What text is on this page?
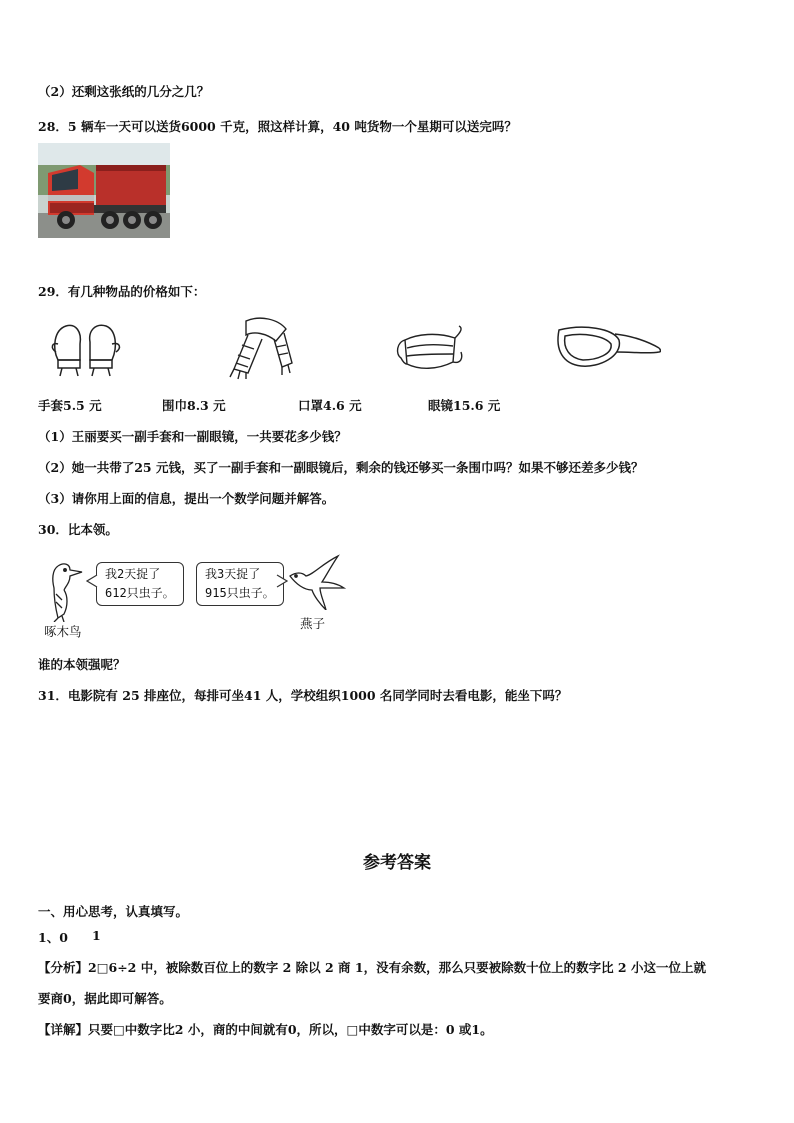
（2）还剩这张纸的几分之几？
28．5 辆车一天可以送货6000 千克，照这样计算，40 吨货物一个星期可以送完吗？
29．有几种物品的价格如下：
手套5.5 元	围巾8.3 元	口罩4.6 元	眼镜15.6 元
（1）王丽要买一副手套和一副眼镜，一共要花多少钱？
（2）她一共带了25 元钱，买了一副手套和一副眼镜后，剩余的钱还够买一条围巾吗？如果不够还差多少钱？
（3）请你用上面的信息，提出一个数学问题并解答。
30．比本领。
啄木鸟
我2天捉了
612只虫子。
我3天捉了
915只虫子。
燕子
谁的本领强呢？
31．电影院有 25 排座位，每排可坐41 人，学校组织1000 名同学同时去看电影，能坐下吗？
参考答案
一、用心思考，认真填写。
1、0 1
【分析】2□6÷2 中，被除数百位上的数字 2 除以 2 商 1，没有余数，那么只要被除数十位上的数字比 2 小这一位上就
要商0，据此即可解答。
【详解】只要□中数字比2 小，商的中间就有0，所以，□中数字可以是：0 或1。
